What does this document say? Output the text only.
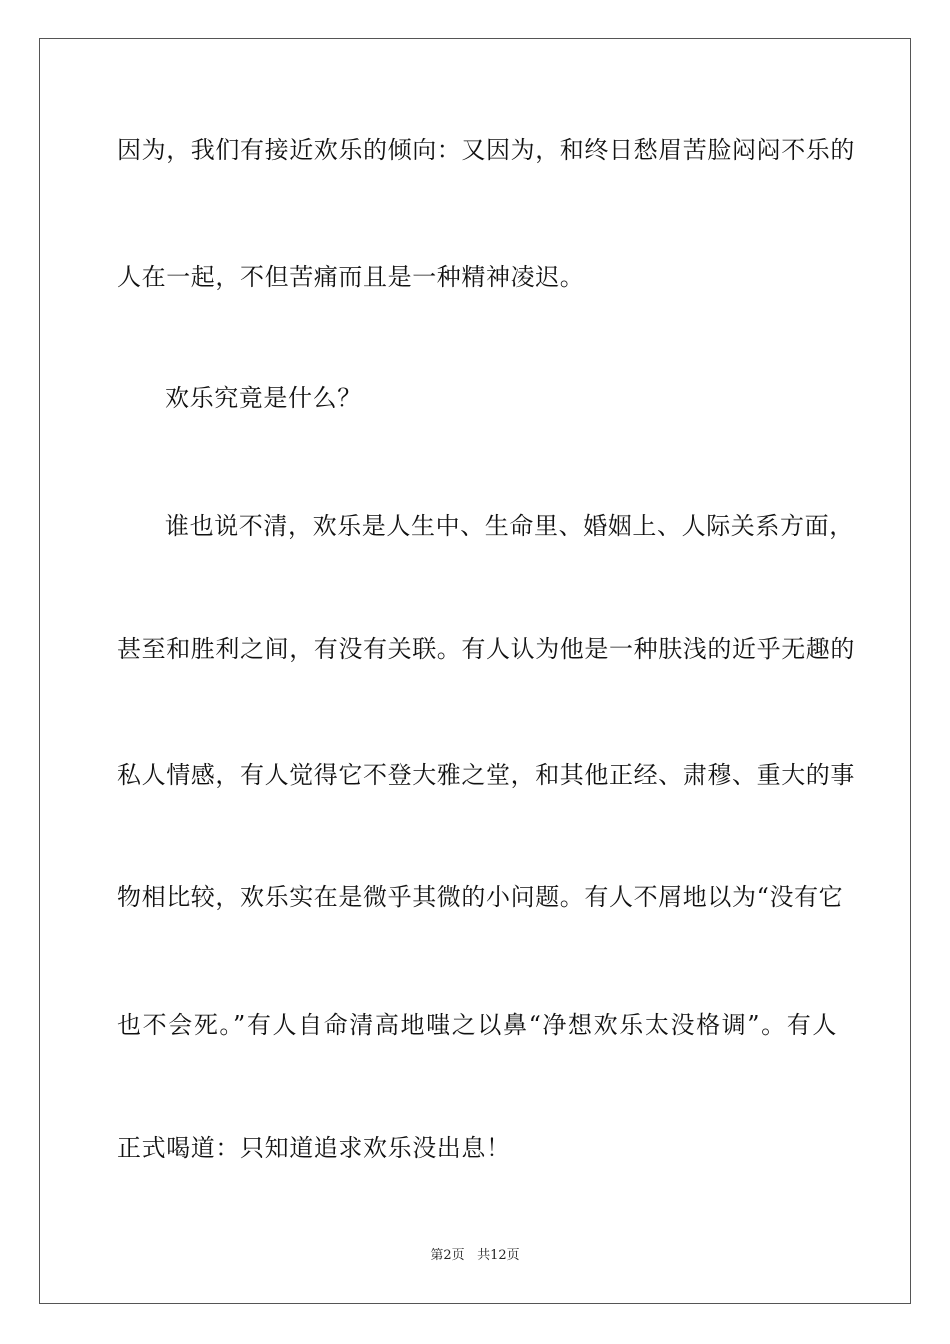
因为，我们有接近欢乐的倾向：又因为，和终日愁眉苦脸闷闷不乐的
人在一起，不但苦痛而且是一种精神凌迟。
欢乐究竟是什么？
谁也说不清，欢乐是人生中、生命里、婚姻上、人际关系方面，
甚至和胜利之间，有没有关联。有人认为他是一种肤浅的近乎无趣的
私人情感，有人觉得它不登大雅之堂，和其他正经、肃穆、重大的事
物相比较，欢乐实在是微乎其微的小问题。有人不屑地以为“没有它
也不会死。”有人自命清高地嗤之以鼻“净想欢乐太没格调”。有人
正式喝道：只知道追求欢乐没出息！
第2页 共12页
